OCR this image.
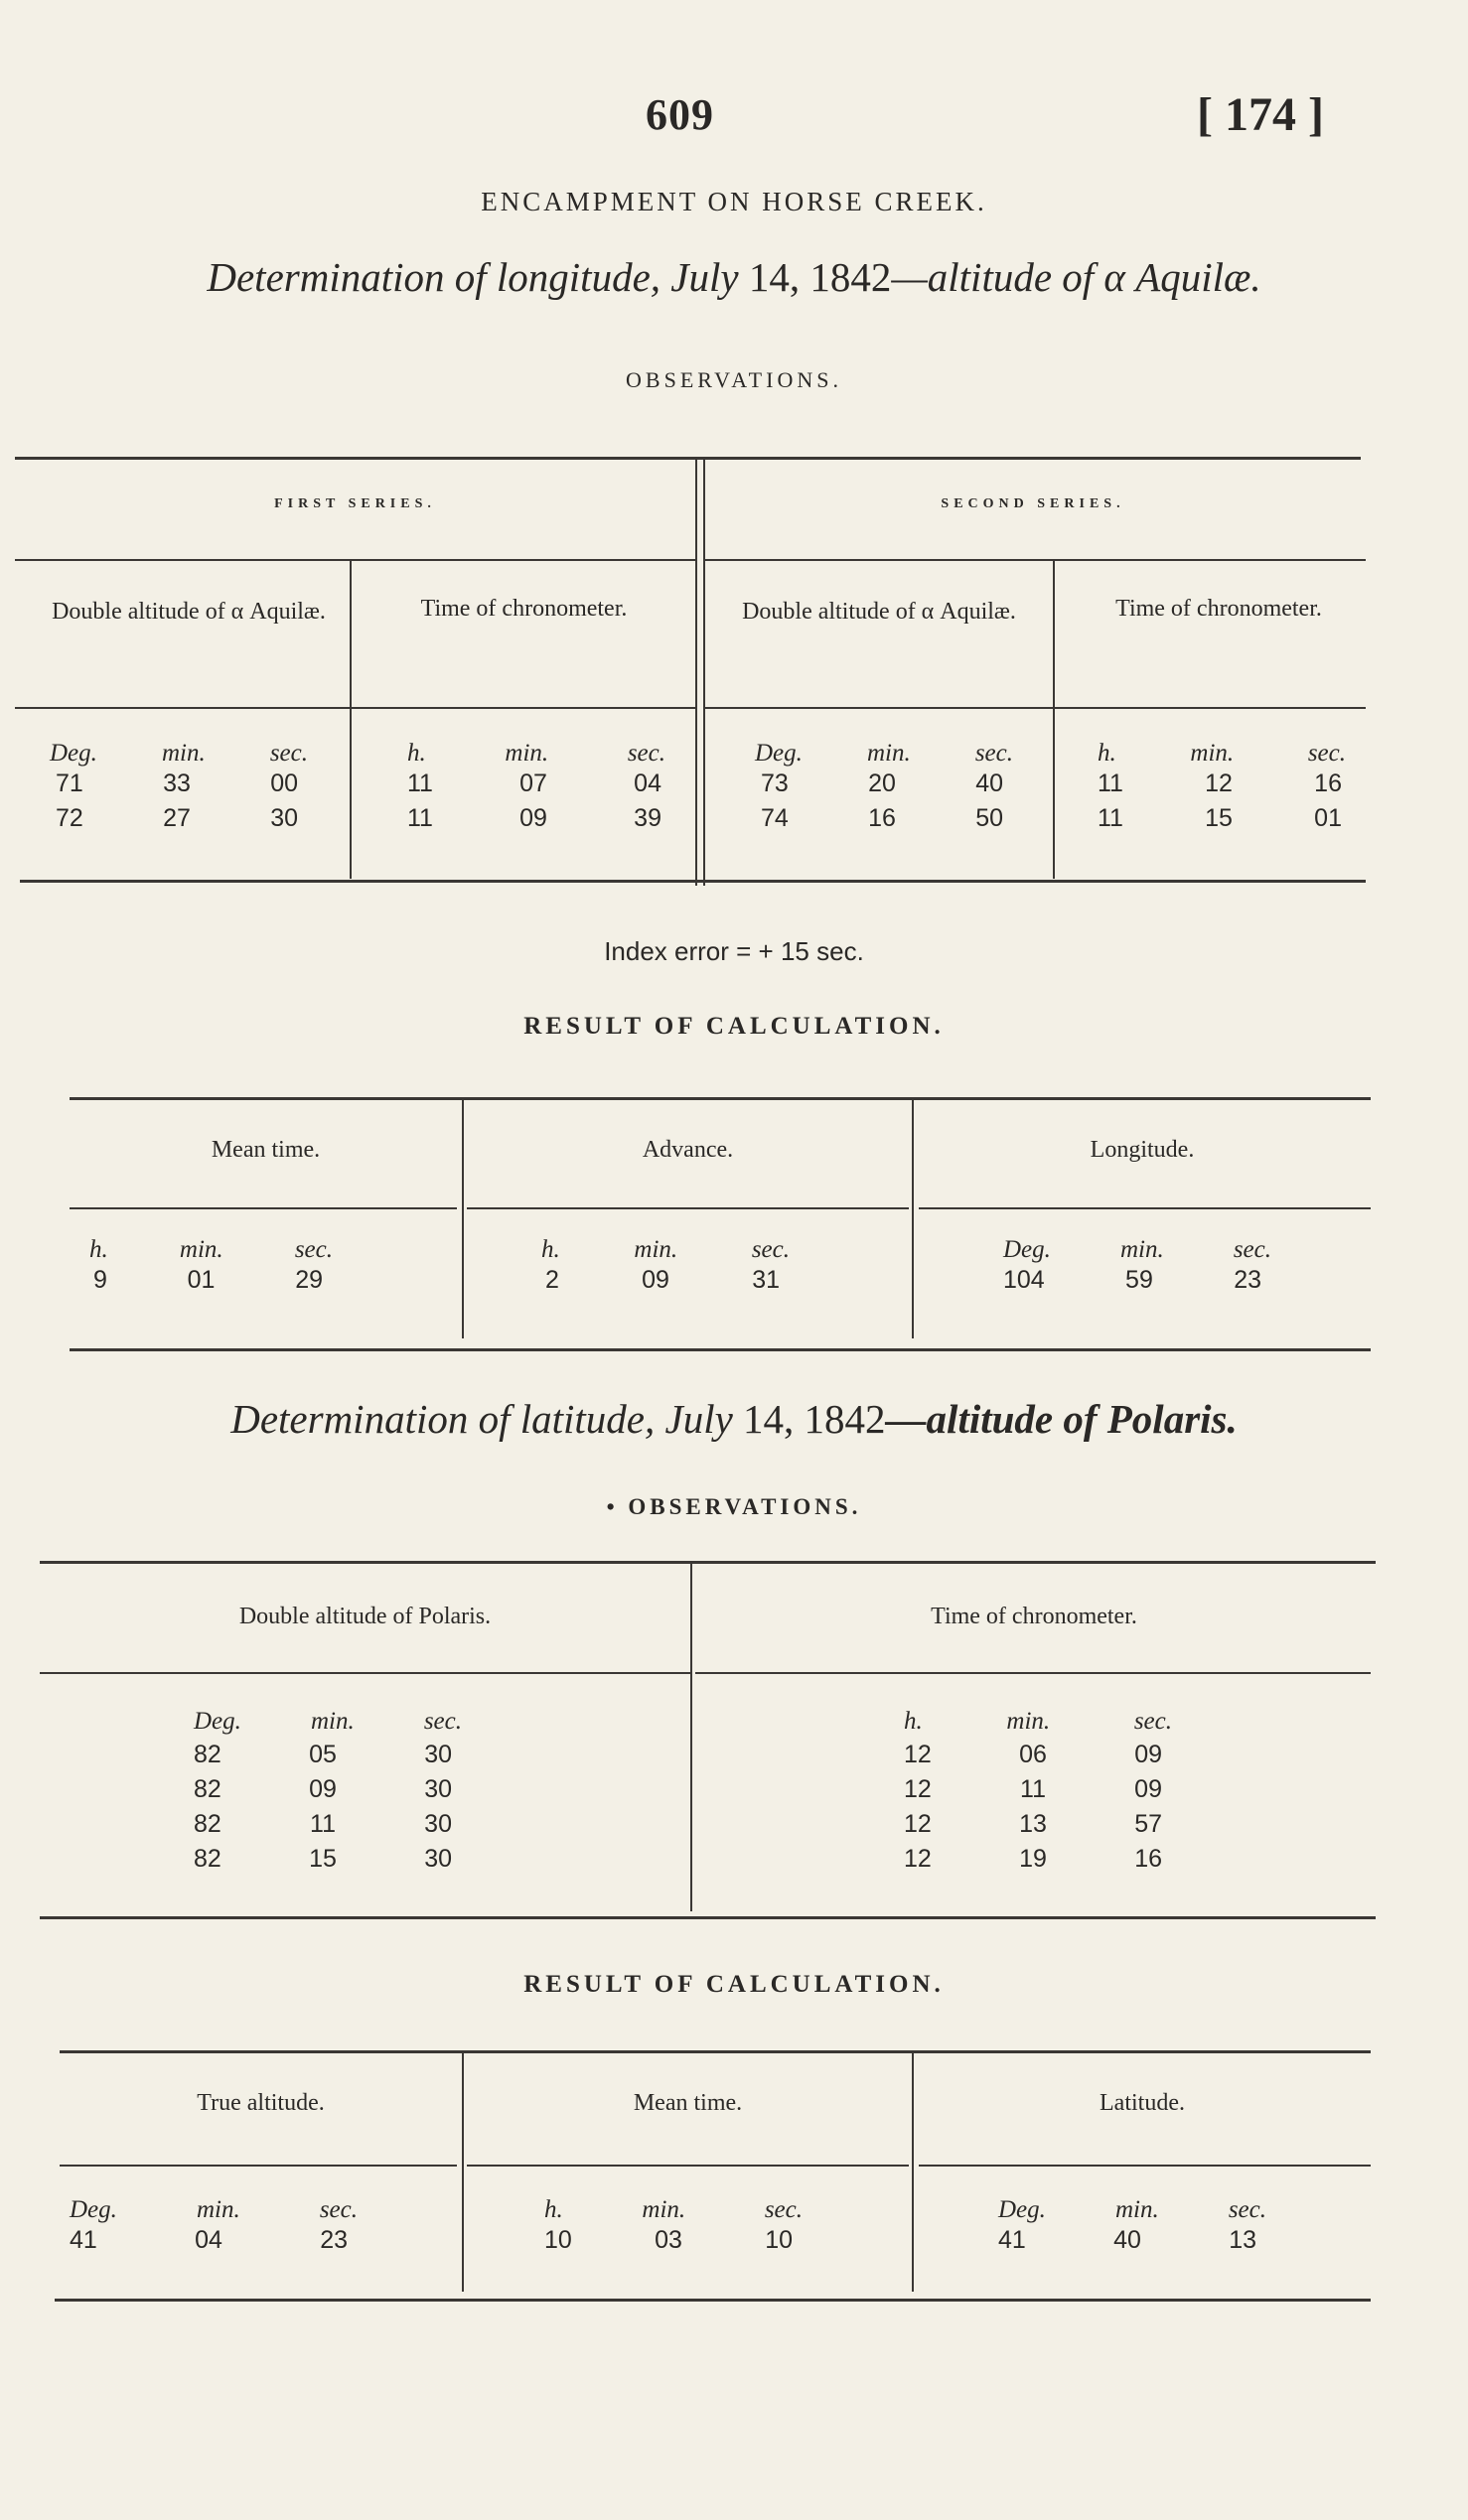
609	[ 174 ]
ENCAMPMENT ON HORSE CREEK.
Determination of longitude, July 14, 1842—altitude of α Aquilæ.
OBSERVATIONS.
FIRST SERIES.	SECOND SERIES.
Double altitude of α Aquilæ.	Time of chronometer.	Double altitude of α Aquilæ.	Time of chronometer.
Deg.	min.	sec.
71	33	00
72	27	30
h.	min.	sec.
11	07	04
11	09	39
Deg.	min.	sec.
73	20	40
74	16	50
h.	min.	sec.
11	12	16
11	15	01
Index error = + 15 sec.
RESULT OF CALCULATION.
Mean time.	Advance.	Longitude.
h.	min.	sec.
9	01	29
h.	min.	sec.
2	09	31
Deg.	min.	sec.
104	59	23
Determination of latitude, July 14, 1842—altitude of Polaris.
• OBSERVATIONS.
Double altitude of Polaris.	Time of chronometer.
Deg.	min.	sec.
82	05	30
82	09	30
82	11	30
82	15	30
h.	min.	sec.
12	06	09
12	11	09
12	13	57
12	19	16
RESULT OF CALCULATION.
True altitude.	Mean time.	Latitude.
Deg.	min.	sec.
41	04	23
h.	min.	sec.
10	03	10
Deg.	min.	sec.
41	40	13
